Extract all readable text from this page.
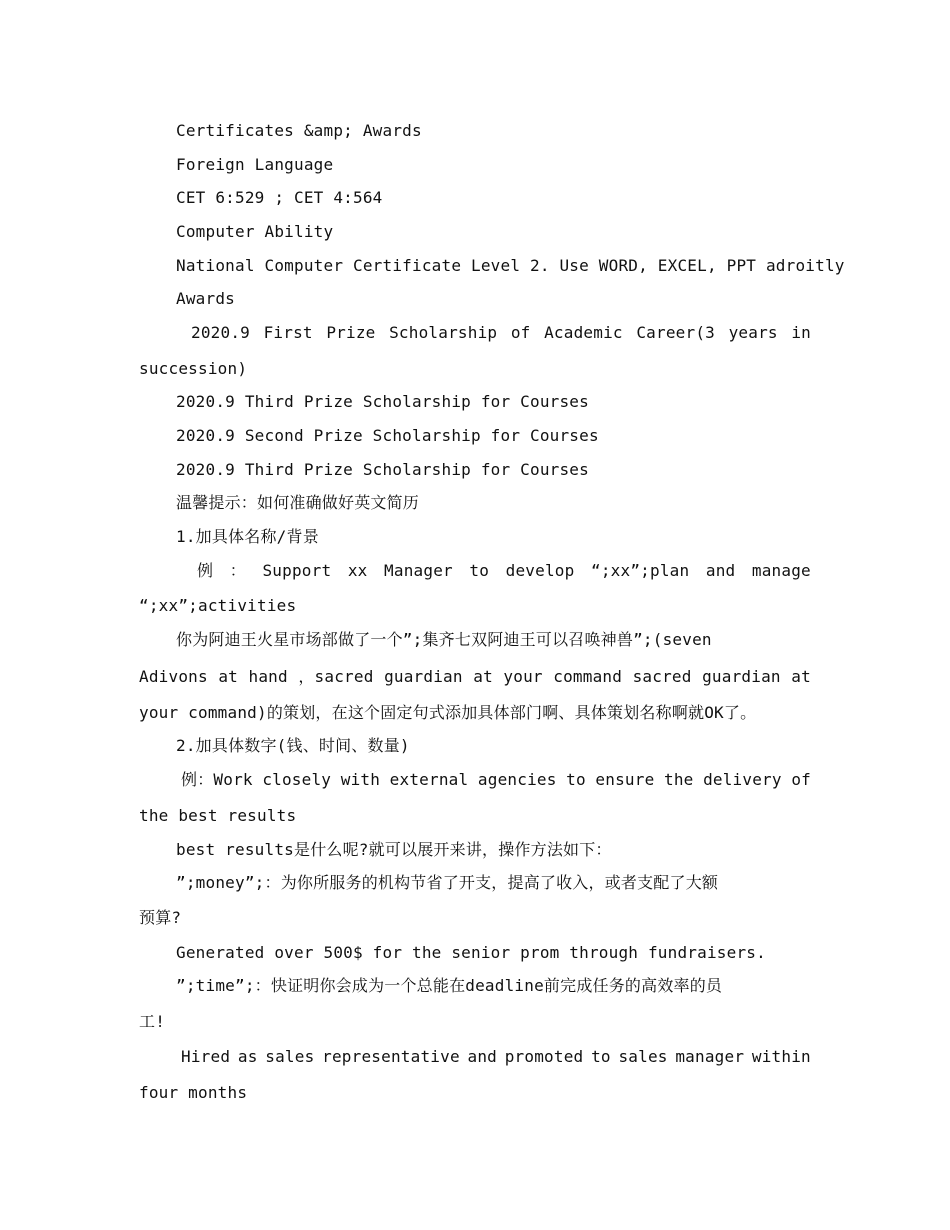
Certificates &amp; Awards
Foreign Language
CET 6:529 ; CET 4:564
Computer Ability
National Computer Certificate Level 2. Use WORD, EXCEL, PPT adroitly
Awards
2020.9 First Prize Scholarship of Academic Career(3 years in
succession)
2020.9 Third Prize Scholarship for Courses
2020.9 Second Prize Scholarship for Courses
2020.9 Third Prize Scholarship for Courses
温馨提示：如何准确做好英文简历
1.加具体名称/背景
例 ： Support xx Manager to develop “;xx”;plan and manage
“;xx”;activities
你为阿迪王火星市场部做了一个”;集齐七双阿迪王可以召唤神兽”;(seven
Adivons at hand ，sacred guardian at your command sacred guardian at
your command)的策划，在这个固定句式添加具体部门啊、具体策划名称啊就OK了。
2.加具体数字(钱、时间、数量)
例：Work closely with external agencies to ensure the delivery of
the best results
best results是什么呢?就可以展开来讲，操作方法如下：
”;money”;：为你所服务的机构节省了开支，提高了收入，或者支配了大额
预算?
Generated over 500$ for the senior prom through fundraisers.
”;time”;：快证明你会成为一个总能在deadline前完成任务的高效率的员
工!
Hired as sales representative and promoted to sales manager within
four months
